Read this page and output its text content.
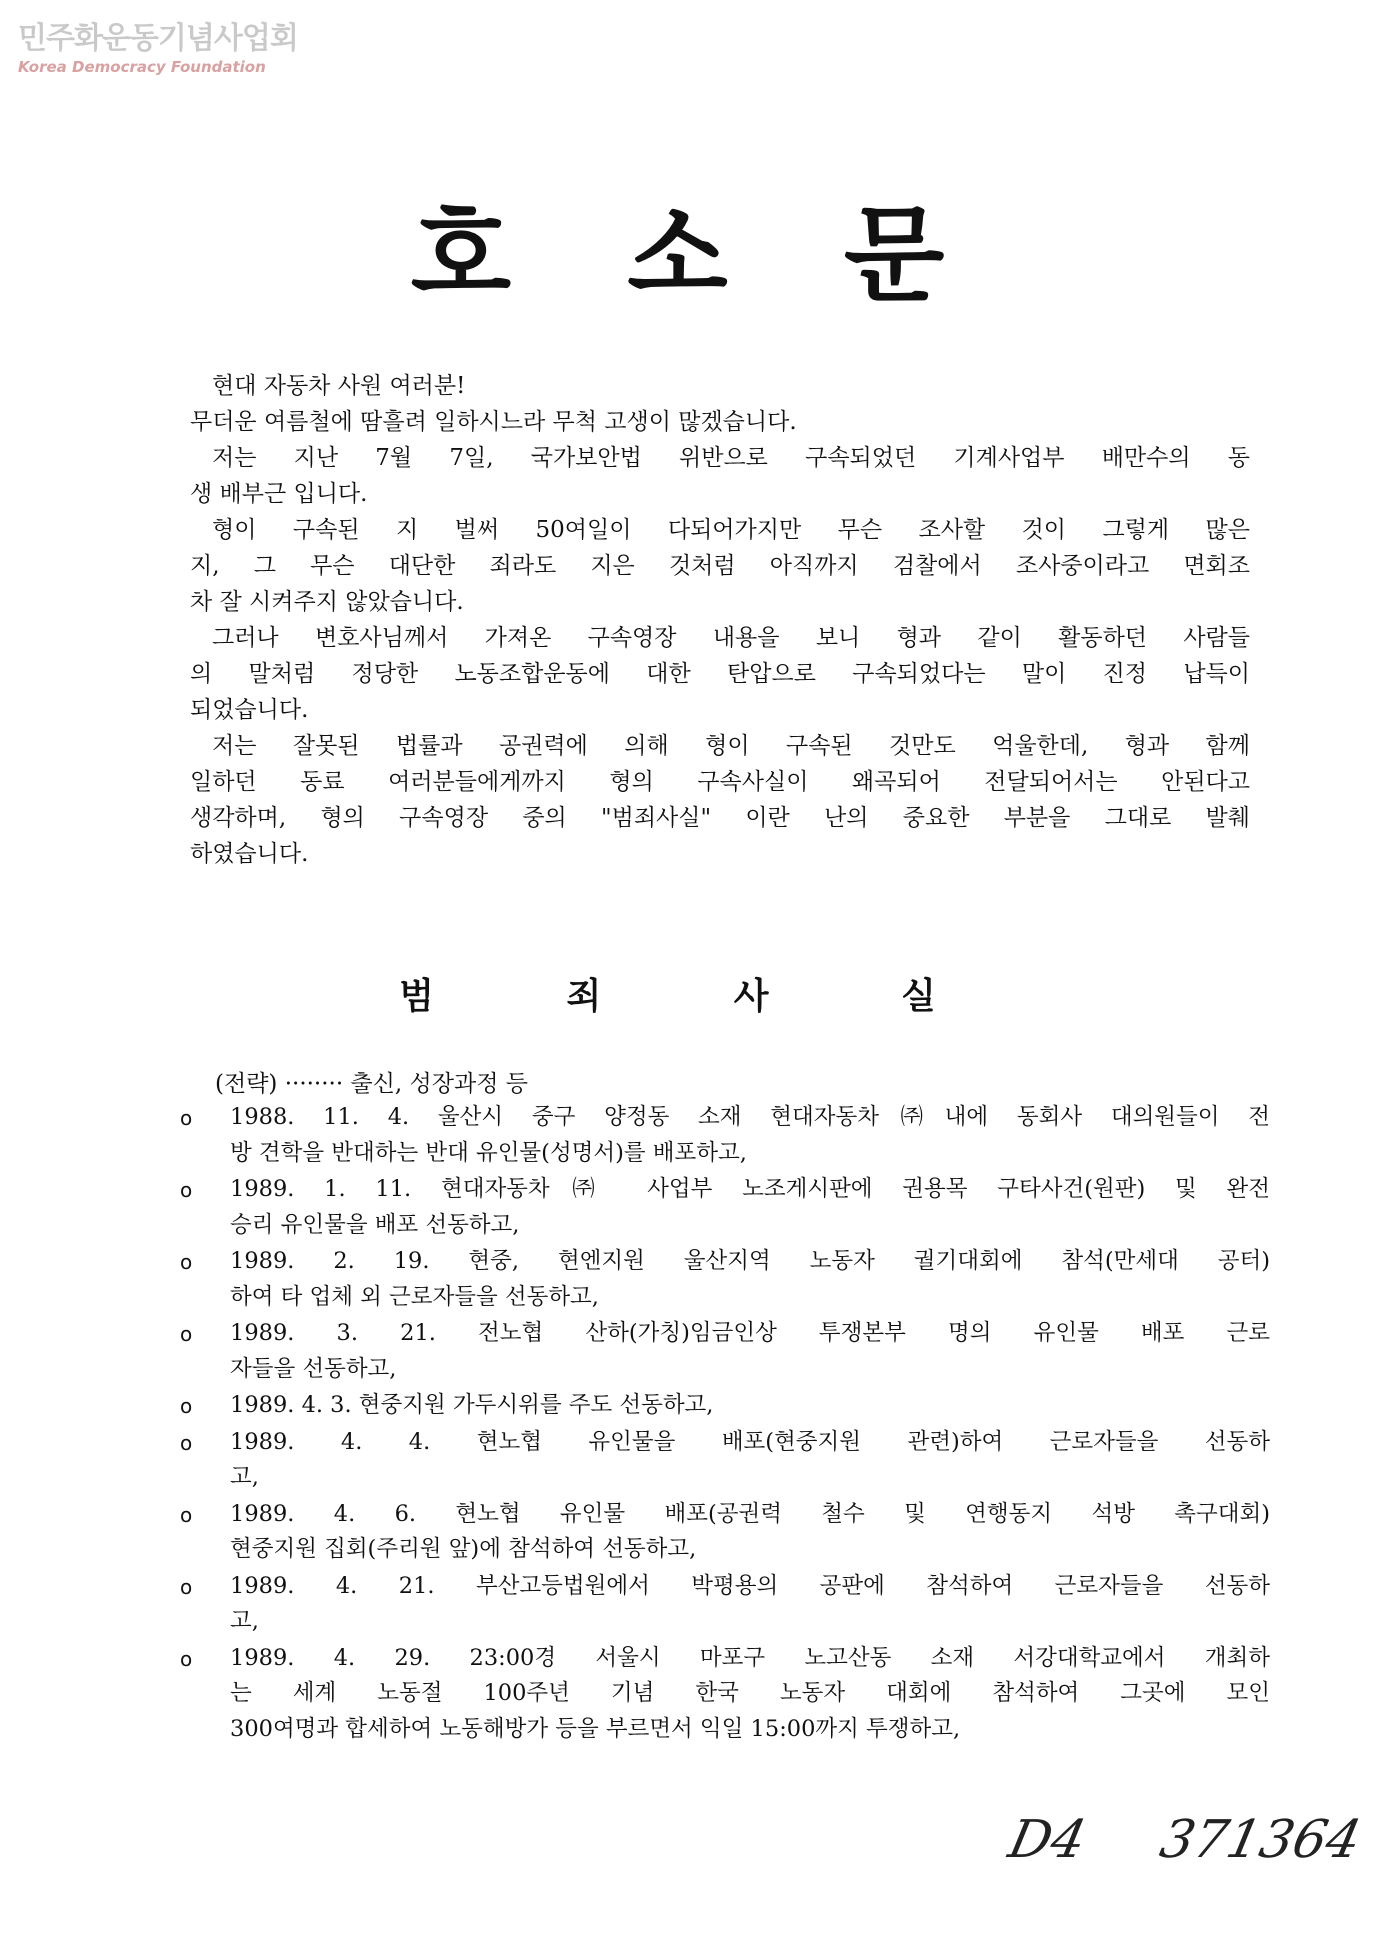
민주화운동기념사업회
Korea Democracy Foundation
호 소 문
현대 자동차 사원 여러분!
무더운 여름철에 땀흘려 일하시느라 무척 고생이 많겠습니다.
저는 지난 7월 7일, 국가보안법 위반으로 구속되었던 기계사업부 배만수의 동
생 배부근 입니다.
형이 구속된 지 벌써 50여일이 다되어가지만 무슨 조사할 것이 그렇게 많은
지, 그 무슨 대단한 죄라도 지은 것처럼 아직까지 검찰에서 조사중이라고 면회조
차 잘 시켜주지 않았습니다.
그러나 변호사님께서 가져온 구속영장 내용을 보니 형과 같이 활동하던 사람들
의 말처럼 정당한 노동조합운동에 대한 탄압으로 구속되었다는 말이 진정 납득이
되었습니다.
저는 잘못된 법률과 공권력에 의해 형이 구속된 것만도 억울한데, 형과 함께
일하던 동료 여러분들에게까지 형의 구속사실이 왜곡되어 전달되어서는 안된다고
생각하며, 형의 구속영장 중의 "범죄사실" 이란 난의 중요한 부분을 그대로 발췌
하였습니다.
범 죄 사 실
(전략) ········ 출신, 성장과정 등
o 1988. 11. 4. 울산시 중구 양정동 소재 현대자동차㈜내에 동회사 대의원들이 전
방 견학을 반대하는 반대 유인물(성명서)를 배포하고,
o 1989. 1. 11. 현대자동차㈜ 사업부 노조게시판에 권용목 구타사건(원판) 및 완전
승리 유인물을 배포 선동하고,
o 1989. 2. 19. 현중, 현엔지원 울산지역 노동자 궐기대회에 참석(만세대 공터)
하여 타 업체 외 근로자들을 선동하고,
o 1989. 3. 21. 전노협 산하(가칭)임금인상 투쟁본부 명의 유인물 배포 근로
자들을 선동하고,
o 1989. 4. 3. 현중지원 가두시위를 주도 선동하고,
o 1989. 4. 4. 현노협 유인물을 배포(현중지원 관련)하여 근로자들을 선동하
고,
o 1989. 4. 6. 현노협 유인물 배포(공권력 철수 및 연행동지 석방 촉구대회)
현중지원 집회(주리원 앞)에 참석하여 선동하고,
o 1989. 4. 21. 부산고등법원에서 박평용의 공판에 참석하여 근로자들을 선동하
고,
o 1989. 4. 29. 23:00경 서울시 마포구 노고산동 소재 서강대학교에서 개최하
는 세계 노동절 100주년 기념 한국 노동자 대회에 참석하여 그곳에 모인
300여명과 합세하여 노동해방가 등을 부르면서 익일 15:00까지 투쟁하고,
D4 371364
